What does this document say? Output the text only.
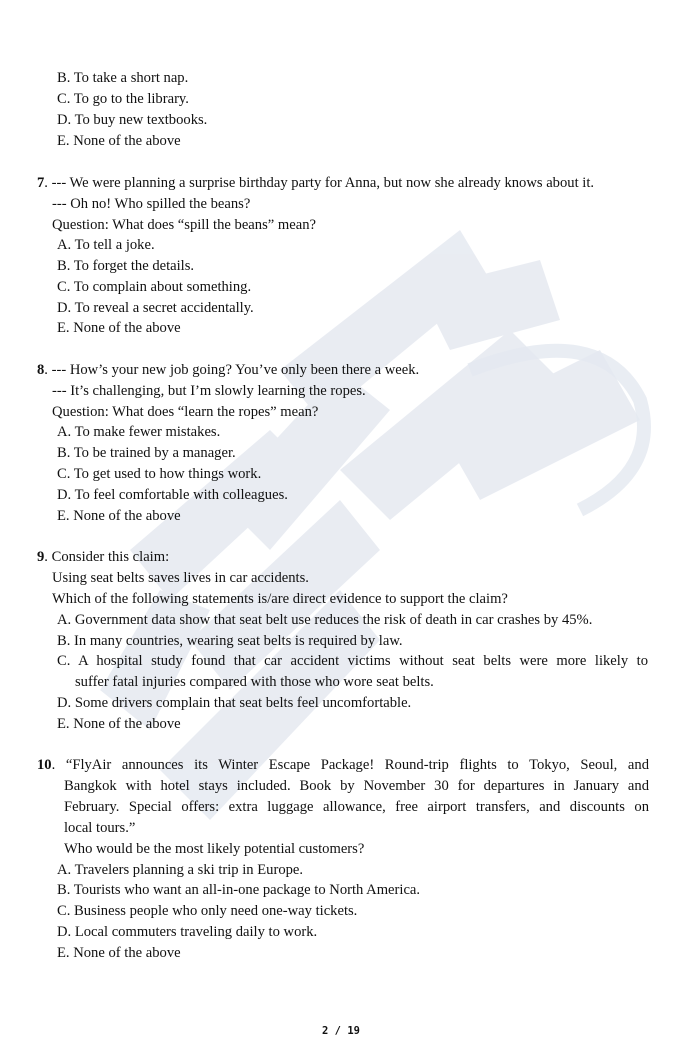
B. To take a short nap.
C. To go to the library.
D. To buy new textbooks.
E. None of the above
7. --- We were planning a surprise birthday party for Anna, but now she already knows about it.
--- Oh no! Who spilled the beans?
Question: What does “spill the beans” mean?
A. To tell a joke.
B. To forget the details.
C. To complain about something.
D. To reveal a secret accidentally.
E. None of the above
8. --- How’s your new job going? You’ve only been there a week.
--- It’s challenging, but I’m slowly learning the ropes.
Question: What does “learn the ropes” mean?
A. To make fewer mistakes.
B. To be trained by a manager.
C. To get used to how things work.
D. To feel comfortable with colleagues.
E. None of the above
9. Consider this claim:
Using seat belts saves lives in car accidents.
Which of the following statements is/are direct evidence to support the claim?
A. Government data show that seat belt use reduces the risk of death in car crashes by 45%.
B. In many countries, wearing seat belts is required by law.
C. A hospital study found that car accident victims without seat belts were more likely to
suffer fatal injuries compared with those who wore seat belts.
D. Some drivers complain that seat belts feel uncomfortable.
E. None of the above
10. “FlyAir announces its Winter Escape Package! Round-trip flights to Tokyo, Seoul, and
Bangkok with hotel stays included. Book by November 30 for departures in January and
February. Special offers: extra luggage allowance, free airport transfers, and discounts on
local tours.”
Who would be the most likely potential customers?
A. Travelers planning a ski trip in Europe.
B. Tourists who want an all-in-one package to North America.
C. Business people who only need one-way tickets.
D. Local commuters traveling daily to work.
E. None of the above
2 / 19
